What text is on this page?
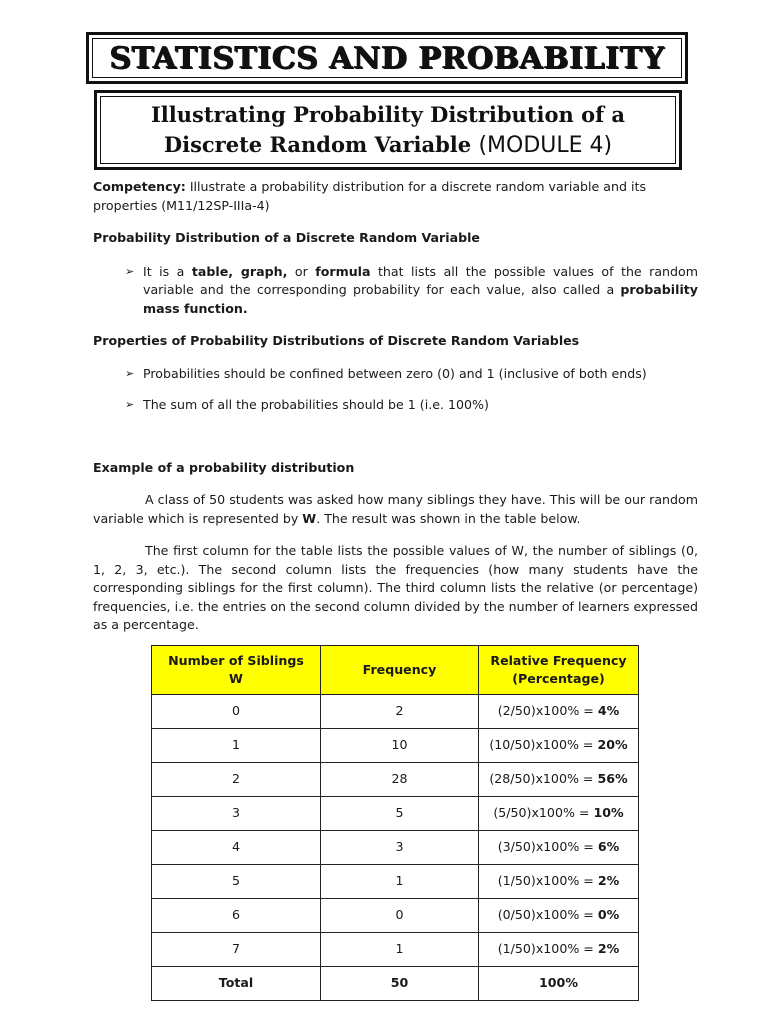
STATISTICS AND PROBABILITY
Illustrating Probability Distribution of a
Discrete Random Variable (MODULE 4)

Competency: Illustrate a probability distribution for a discrete random variable and its properties (M11/12SP-IIIa-4)

Probability Distribution of a Discrete Random Variable

➢ It is a table, graph, or formula that lists all the possible values of the random variable and the corresponding probability for each value, also called a probability mass function.

Properties of Probability Distributions of Discrete Random Variables

➢ Probabilities should be confined between zero (0) and 1 (inclusive of both ends)
➢ The sum of all the probabilities should be 1 (i.e. 100%)

Example of a probability distribution

A class of 50 students was asked how many siblings they have. This will be our random variable which is represented by W. The result was shown in the table below.

The first column for the table lists the possible values of W, the number of siblings (0, 1, 2, 3, etc.). The second column lists the frequencies (how many students have the corresponding siblings for the first column). The third column lists the relative (or percentage) frequencies, i.e. the entries on the second column divided by the number of learners expressed as a percentage.

Number of Siblings
W	Frequency	Relative Frequency
(Percentage)
0	2	(2/50)x100% = 4%
1	10	(10/50)x100% = 20%
2	28	(28/50)x100% = 56%
3	5	(5/50)x100% = 10%
4	3	(3/50)x100% = 6%
5	1	(1/50)x100% = 2%
6	0	(0/50)x100% = 0%
7	1	(1/50)x100% = 2%
Total	50	100%
